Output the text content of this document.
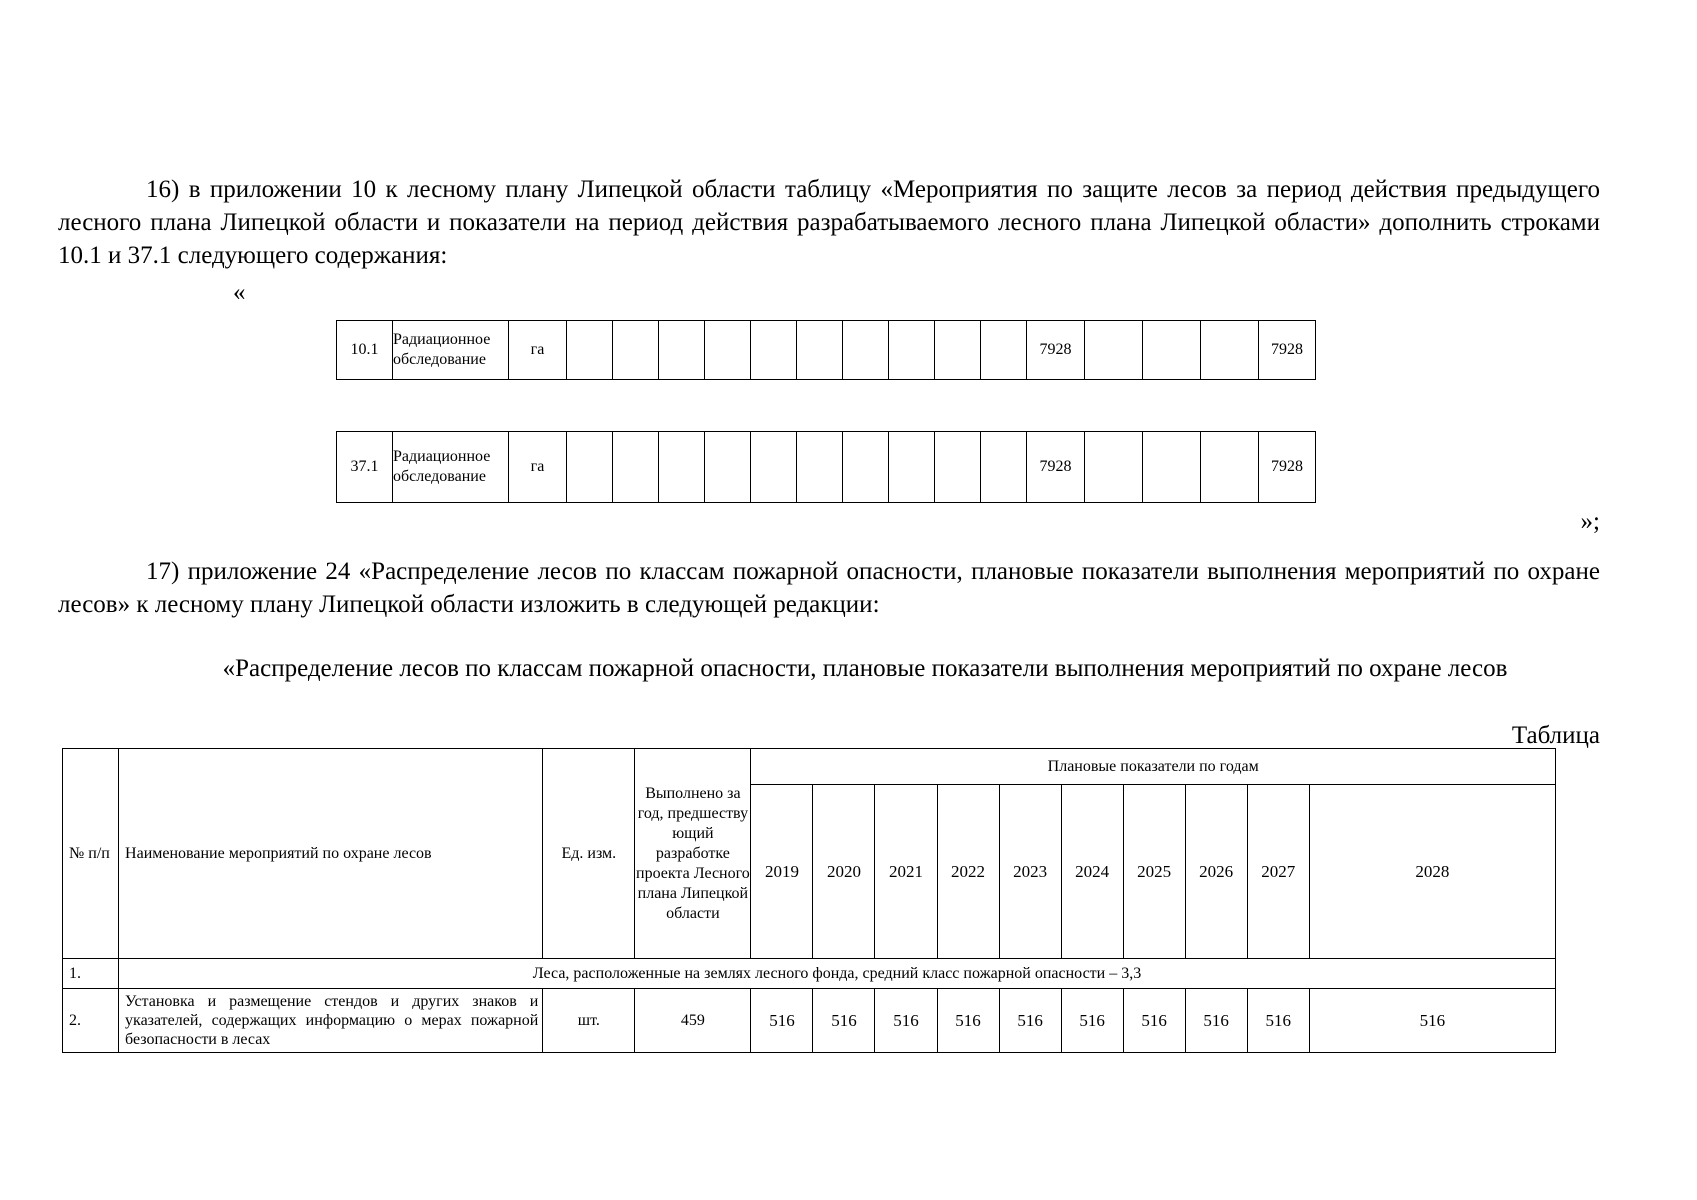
16) в приложении 10 к лесному плану Липецкой области таблицу «Мероприятия по защите лесов за период действия предыдущего лесного плана Липецкой области и показатели на период действия разрабатываемого лесного плана Липецкой области» дополнить строками 10.1 и 37.1 следующего содержания:

«
10.1	Радиационное обследование	га											7928				7928
37.1	Радиационное обследование	га											7928				7928
»;

17) приложение 24 «Распределение лесов по классам пожарной опасности, плановые показатели выполнения мероприятий по охране лесов» к лесному плану Липецкой области изложить в следующей редакции:

«Распределение лесов по классам пожарной опасности, плановые показатели выполнения мероприятий по охране лесов

Таблица
№ п/п	Наименование мероприятий по охране лесов	Ед. изм.	Выполнено за год, предшеству ющий разработке проекта Лесного плана Липецкой области	Плановые показатели по годам									
				2019	2020	2021	2022	2023	2024	2025	2026	2027	2028
1.	Леса, расположенные на землях лесного фонда, средний класс пожарной опасности – 3,3												
2.	Установка и размещение стендов и других знаков и указателей, содержащих информацию о мерах пожарной безопасности в лесах	шт.	459	516	516	516	516	516	516	516	516	516	516
